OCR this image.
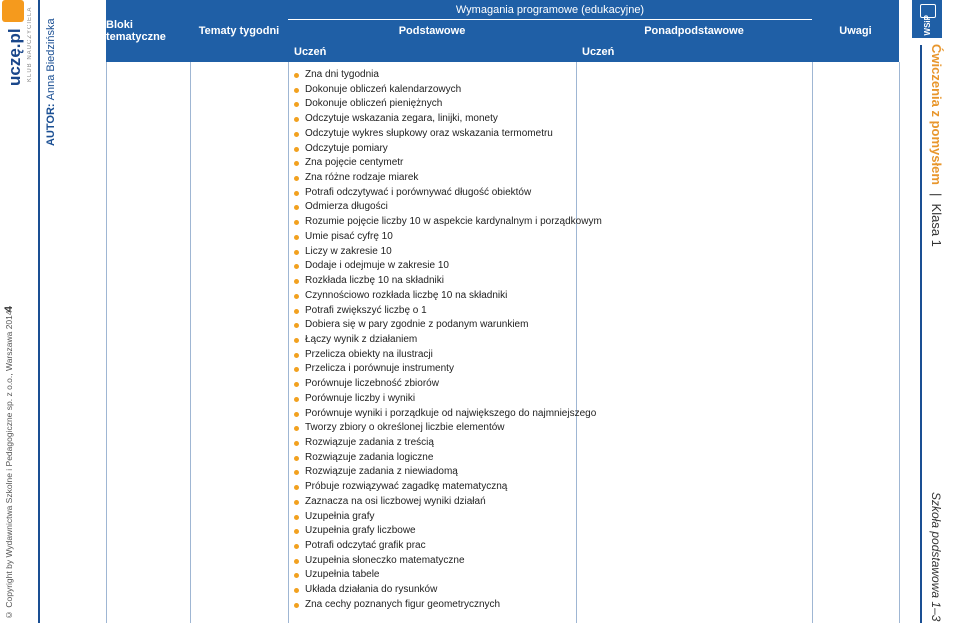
uczę.pl KLUB NAUCZYCIELA
AUTOR: Anna Biedzińska
4
© Copyright by Wydawnictwa Szkolne i Pedagogiczne sp. z o.o., Warszawa 2014
Bloki tematyczne	Tematy tygodni
Wymagania programowe (edukacyjne)
Podstawowe	Ponadpodstawowe
Uczeń	Uczeń
Uwagi
Zna dni tygodnia
Dokonuje obliczeń kalendarzowych
Dokonuje obliczeń pieniężnych
Odczytuje wskazania zegara, linijki, monety
Odczytuje wykres słupkowy oraz wskazania termometru
Odczytuje pomiary
Zna pojęcie centymetr
Zna różne rodzaje miarek
Potrafi odczytywać i porównywać długość obiektów
Odmierza długości
Rozumie pojęcie liczby 10 w aspekcie kardynalnym i porządkowym
Umie pisać cyfrę 10
Liczy w zakresie 10
Dodaje i odejmuje w zakresie 10
Rozkłada liczbę 10 na składniki
Czynnościowo rozkłada liczbę 10 na składniki
Potrafi zwiększyć liczbę o 1
Dobiera się w pary zgodnie z podanym warunkiem
Łączy wynik z działaniem
Przelicza obiekty na ilustracji
Przelicza i porównuje instrumenty
Porównuje liczebność zbiorów
Porównuje liczby i wyniki
Porównuje wyniki i porządkuje od największego do najmniejszego
Tworzy zbiory o określonej liczbie elementów
Rozwiązuje zadania z treścią
Rozwiązuje zadania logiczne
Rozwiązuje zadania z niewiadomą
Próbuje rozwiązywać zagadkę matematyczną
Zaznacza na osi liczbowej wyniki działań
Uzupełnia grafy
Uzupełnia grafy liczbowe
Potrafi odczytać grafik prac
Uzupełnia słoneczko matematyczne
Uzupełnia tabele
Układa działania do rysunków
Zna cechy poznanych figur geometrycznych
WSiP
Ćwiczenia z pomysłem | Klasa 1
Szkoła podstawowa 1–3
